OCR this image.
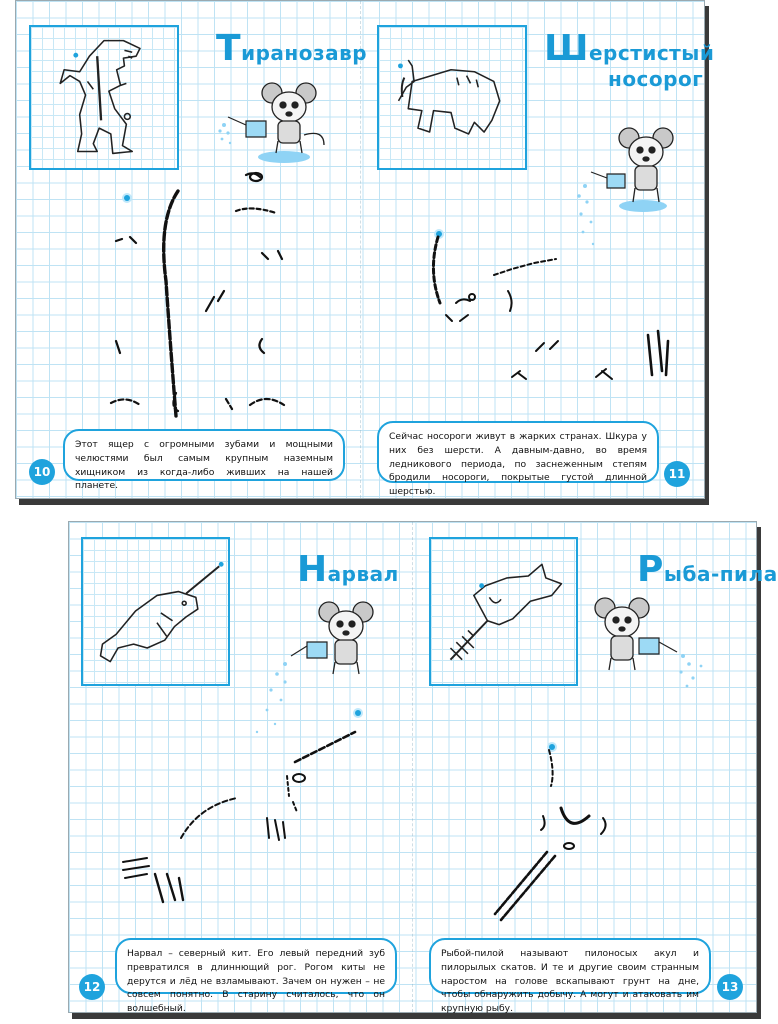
Тиранозавр
Этот ящер с огромными зубами и мощными челюстями был самым крупным наземным хищником из когда-либо живших на нашей планете.
10
Шерстистый
носорог
Сейчас носороги живут в жарких странах. Шкура у них без шерсти. А давным-давно, во время ледникового периода, по заснеженным степям бродили носороги, покрытые густой длинной шерстью.
11
Нарвал
Нарвал – северный кит. Его левый передний зуб превратился в длиннющий рог. Рогом киты не дерутся и лёд не взламывают. Зачем он нужен – не совсем понятно. В старину считалось, что он волшебный.
12
Рыба-пила
Рыбой-пилой называют пилоносых акул и пилорылых скатов. И те и другие своим странным наростом на голове вскапывают грунт на дне, чтобы обнаружить добычу. А могут и атаковать им крупную рыбу.
13
